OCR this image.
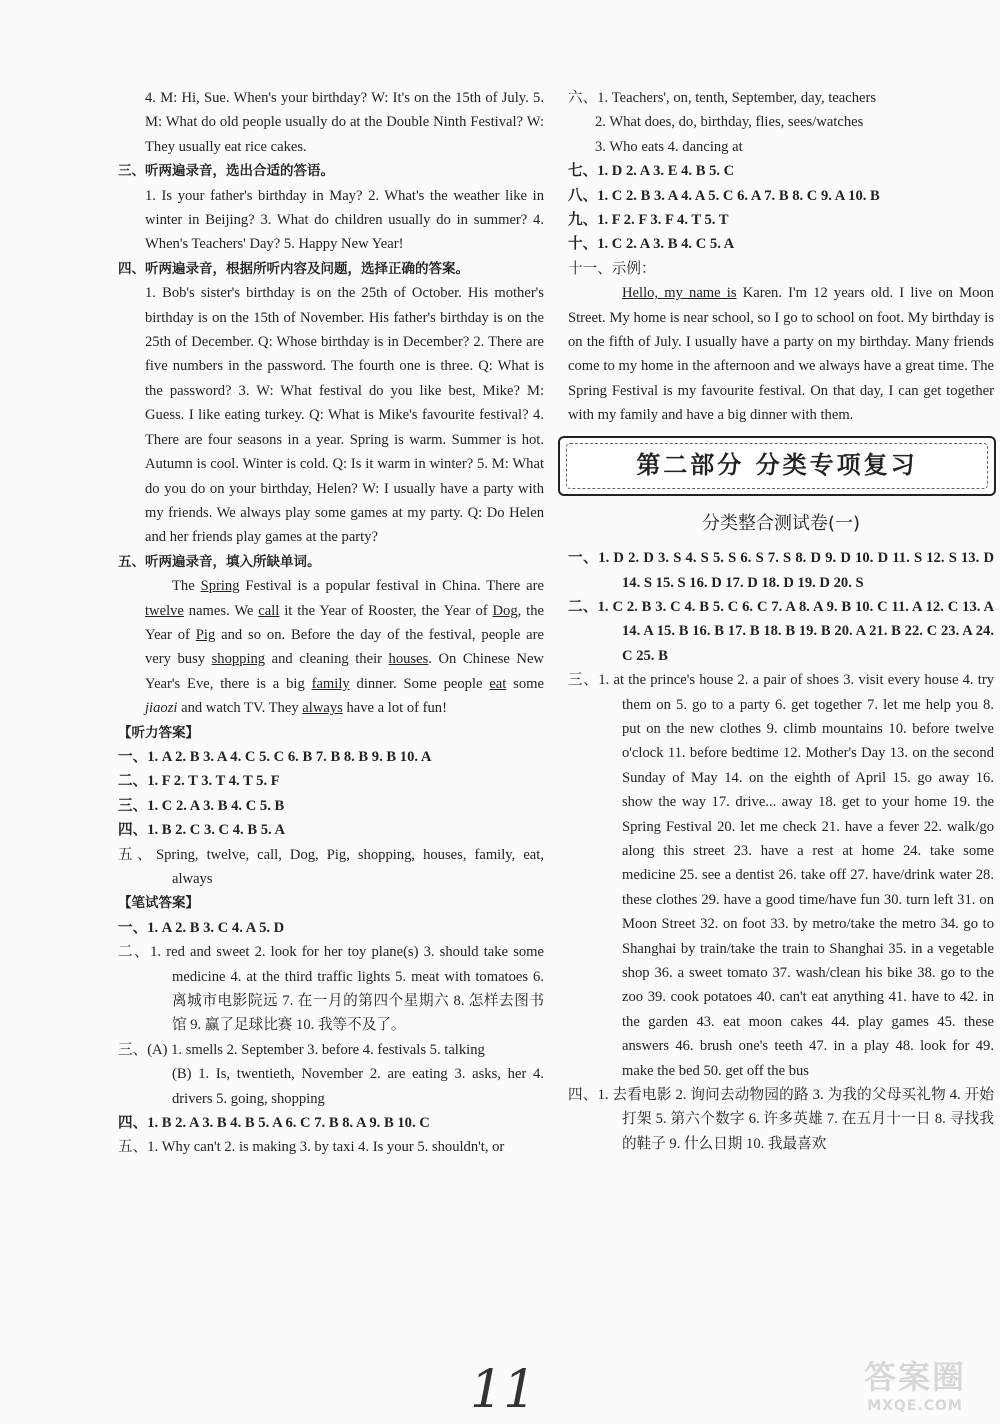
4. M: Hi, Sue. When's your birthday? W: It's on the 15th of July. 5. M: What do old people usually do at the Double Ninth Festival? W: They usually eat rice cakes.
三、听两遍录音，选出合适的答语。
1. Is your father's birthday in May? 2. What's the weather like in winter in Beijing? 3. What do children usually do in summer? 4. When's Teachers' Day? 5. Happy New Year!
四、听两遍录音，根据所听内容及问题，选择正确的答案。
1. Bob's sister's birthday is on the 25th of October. His mother's birthday is on the 15th of November. His father's birthday is on the 25th of December. Q: Whose birthday is in December? 2. There are five numbers in the password. The fourth one is three. Q: What is the password? 3. W: What festival do you like best, Mike? M: Guess. I like eating turkey. Q: What is Mike's favourite festival? 4. There are four seasons in a year. Spring is warm. Summer is hot. Autumn is cool. Winter is cold. Q: Is it warm in winter? 5. M: What do you do on your birthday, Helen? W: I usually have a party with my friends. We always play some games at my party. Q: Do Helen and her friends play games at the party?
五、听两遍录音，填入所缺单词。
The Spring Festival is a popular festival in China. There are twelve names. We call it the Year of Rooster, the Year of Dog, the Year of Pig and so on. Before the day of the festival, people are very busy shopping and cleaning their houses. On Chinese New Year's Eve, there is a big family dinner. Some people eat some jiaozi and watch TV. They always have a lot of fun!
【听力答案】
一、1. A 2. B 3. A 4. C 5. C 6. B 7. B 8. B 9. B 10. A
二、1. F 2. T 3. T 4. T 5. F
三、1. C 2. A 3. B 4. C 5. B
四、1. B 2. C 3. C 4. B 5. A
五、Spring, twelve, call, Dog, Pig, shopping, houses, family, eat, always
【笔试答案】
一、1. A 2. B 3. C 4. A 5. D
二、1. red and sweet 2. look for her toy plane(s) 3. should take some medicine 4. at the third traffic lights 5. meat with tomatoes 6. 离城市电影院远 7. 在一月的第四个星期六 8. 怎样去图书馆 9. 赢了足球比赛 10. 我等不及了。
三、(A) 1. smells 2. September 3. before 4. festivals 5. talking
(B) 1. Is, twentieth, November 2. are eating 3. asks, her 4. drivers 5. going, shopping
四、1. B 2. A 3. B 4. B 5. A 6. C 7. B 8. A 9. B 10. C
五、1. Why can't 2. is making 3. by taxi 4. Is your 5. shouldn't, or
六、1. Teachers', on, tenth, September, day, teachers
2. What does, do, birthday, flies, sees/watches
3. Who eats 4. dancing at
七、1. D 2. A 3. E 4. B 5. C
八、1. C 2. B 3. A 4. A 5. C 6. A 7. B 8. C 9. A 10. B
九、1. F 2. F 3. F 4. T 5. T
十、1. C 2. A 3. B 4. C 5. A
十一、示例：
Hello, my name is Karen. I'm 12 years old. I live on Moon Street. My home is near school, so I go to school on foot. My birthday is on the fifth of July. I usually have a party on my birthday. Many friends come to my home in the afternoon and we always have a great time. The Spring Festival is my favourite festival. On that day, I can get together with my family and have a big dinner with them.
第二部分 分类专项复习
分类整合测试卷(一)
一、1. D 2. D 3. S 4. S 5. S 6. S 7. S 8. D 9. D 10. D 11. S 12. S 13. D 14. S 15. S 16. D 17. D 18. D 19. D 20. S
二、1. C 2. B 3. C 4. B 5. C 6. C 7. A 8. A 9. B 10. C 11. A 12. C 13. A 14. A 15. B 16. B 17. B 18. B 19. B 20. A 21. B 22. C 23. A 24. C 25. B
三、1. at the prince's house 2. a pair of shoes 3. visit every house 4. try them on 5. go to a party 6. get together 7. let me help you 8. put on the new clothes 9. climb mountains 10. before twelve o'clock 11. before bedtime 12. Mother's Day 13. on the second Sunday of May 14. on the eighth of April 15. go away 16. show the way 17. drive... away 18. get to your home 19. the Spring Festival 20. let me check 21. have a fever 22. walk/go along this street 23. have a rest at home 24. take some medicine 25. see a dentist 26. take off 27. have/drink water 28. these clothes 29. have a good time/have fun 30. turn left 31. on Moon Street 32. on foot 33. by metro/take the metro 34. go to Shanghai by train/take the train to Shanghai 35. in a vegetable shop 36. a sweet tomato 37. wash/clean his bike 38. go to the zoo 39. cook potatoes 40. can't eat anything 41. have to 42. in the garden 43. eat moon cakes 44. play games 45. these answers 46. brush one's teeth 47. in a play 48. look for 49. make the bed 50. get off the bus
四、1. 去看电影 2. 询问去动物园的路 3. 为我的父母买礼物 4. 开始打架 5. 第六个数字 6. 许多英雄 7. 在五月十一日 8. 寻找我的鞋子 9. 什么日期 10. 我最喜欢
11	答案圈
MXQE.COM
